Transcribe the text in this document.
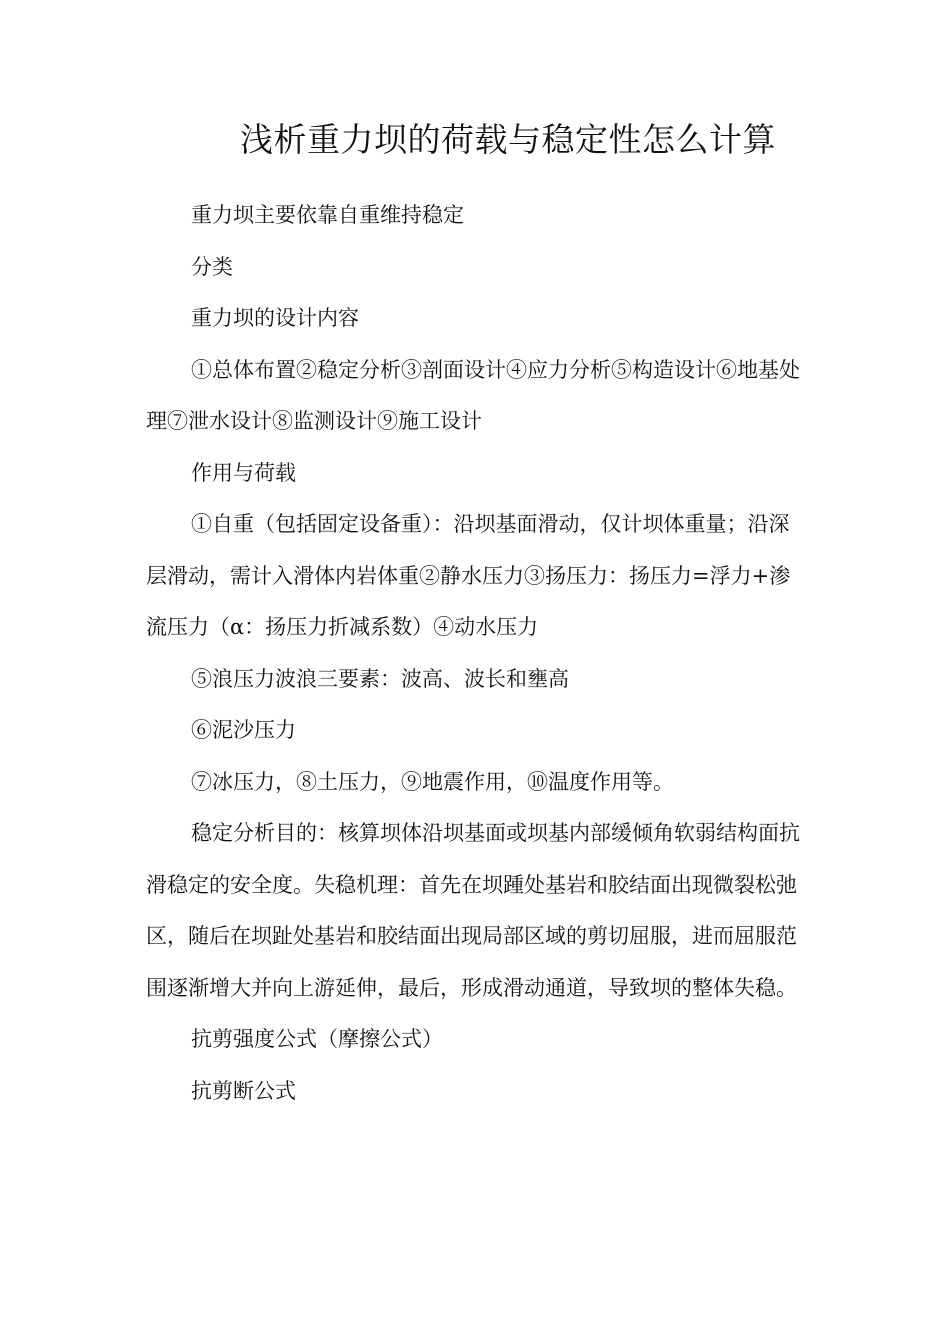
浅析重力坝的荷载与稳定性怎么计算

重力坝主要依靠自重维持稳定

分类

重力坝的设计内容

①总体布置②稳定分析③剖面设计④应力分析⑤构造设计⑥地基处理⑦泄水设计⑧监测设计⑨施工设计

作用与荷载

①自重（包括固定设备重）：沿坝基面滑动，仅计坝体重量；沿深层滑动，需计入滑体内岩体重②静水压力③扬压力：扬压力=浮力+渗流压力（α：扬压力折减系数）④动水压力

⑤浪压力波浪三要素：波高、波长和壅高

⑥泥沙压力

⑦冰压力，⑧土压力，⑨地震作用，⑩温度作用等。

稳定分析目的：核算坝体沿坝基面或坝基内部缓倾角软弱结构面抗滑稳定的安全度。失稳机理：首先在坝踵处基岩和胶结面出现微裂松弛区，随后在坝趾处基岩和胶结面出现局部区域的剪切屈服，进而屈服范围逐渐增大并向上游延伸，最后，形成滑动通道，导致坝的整体失稳。

抗剪强度公式（摩擦公式）

抗剪断公式
